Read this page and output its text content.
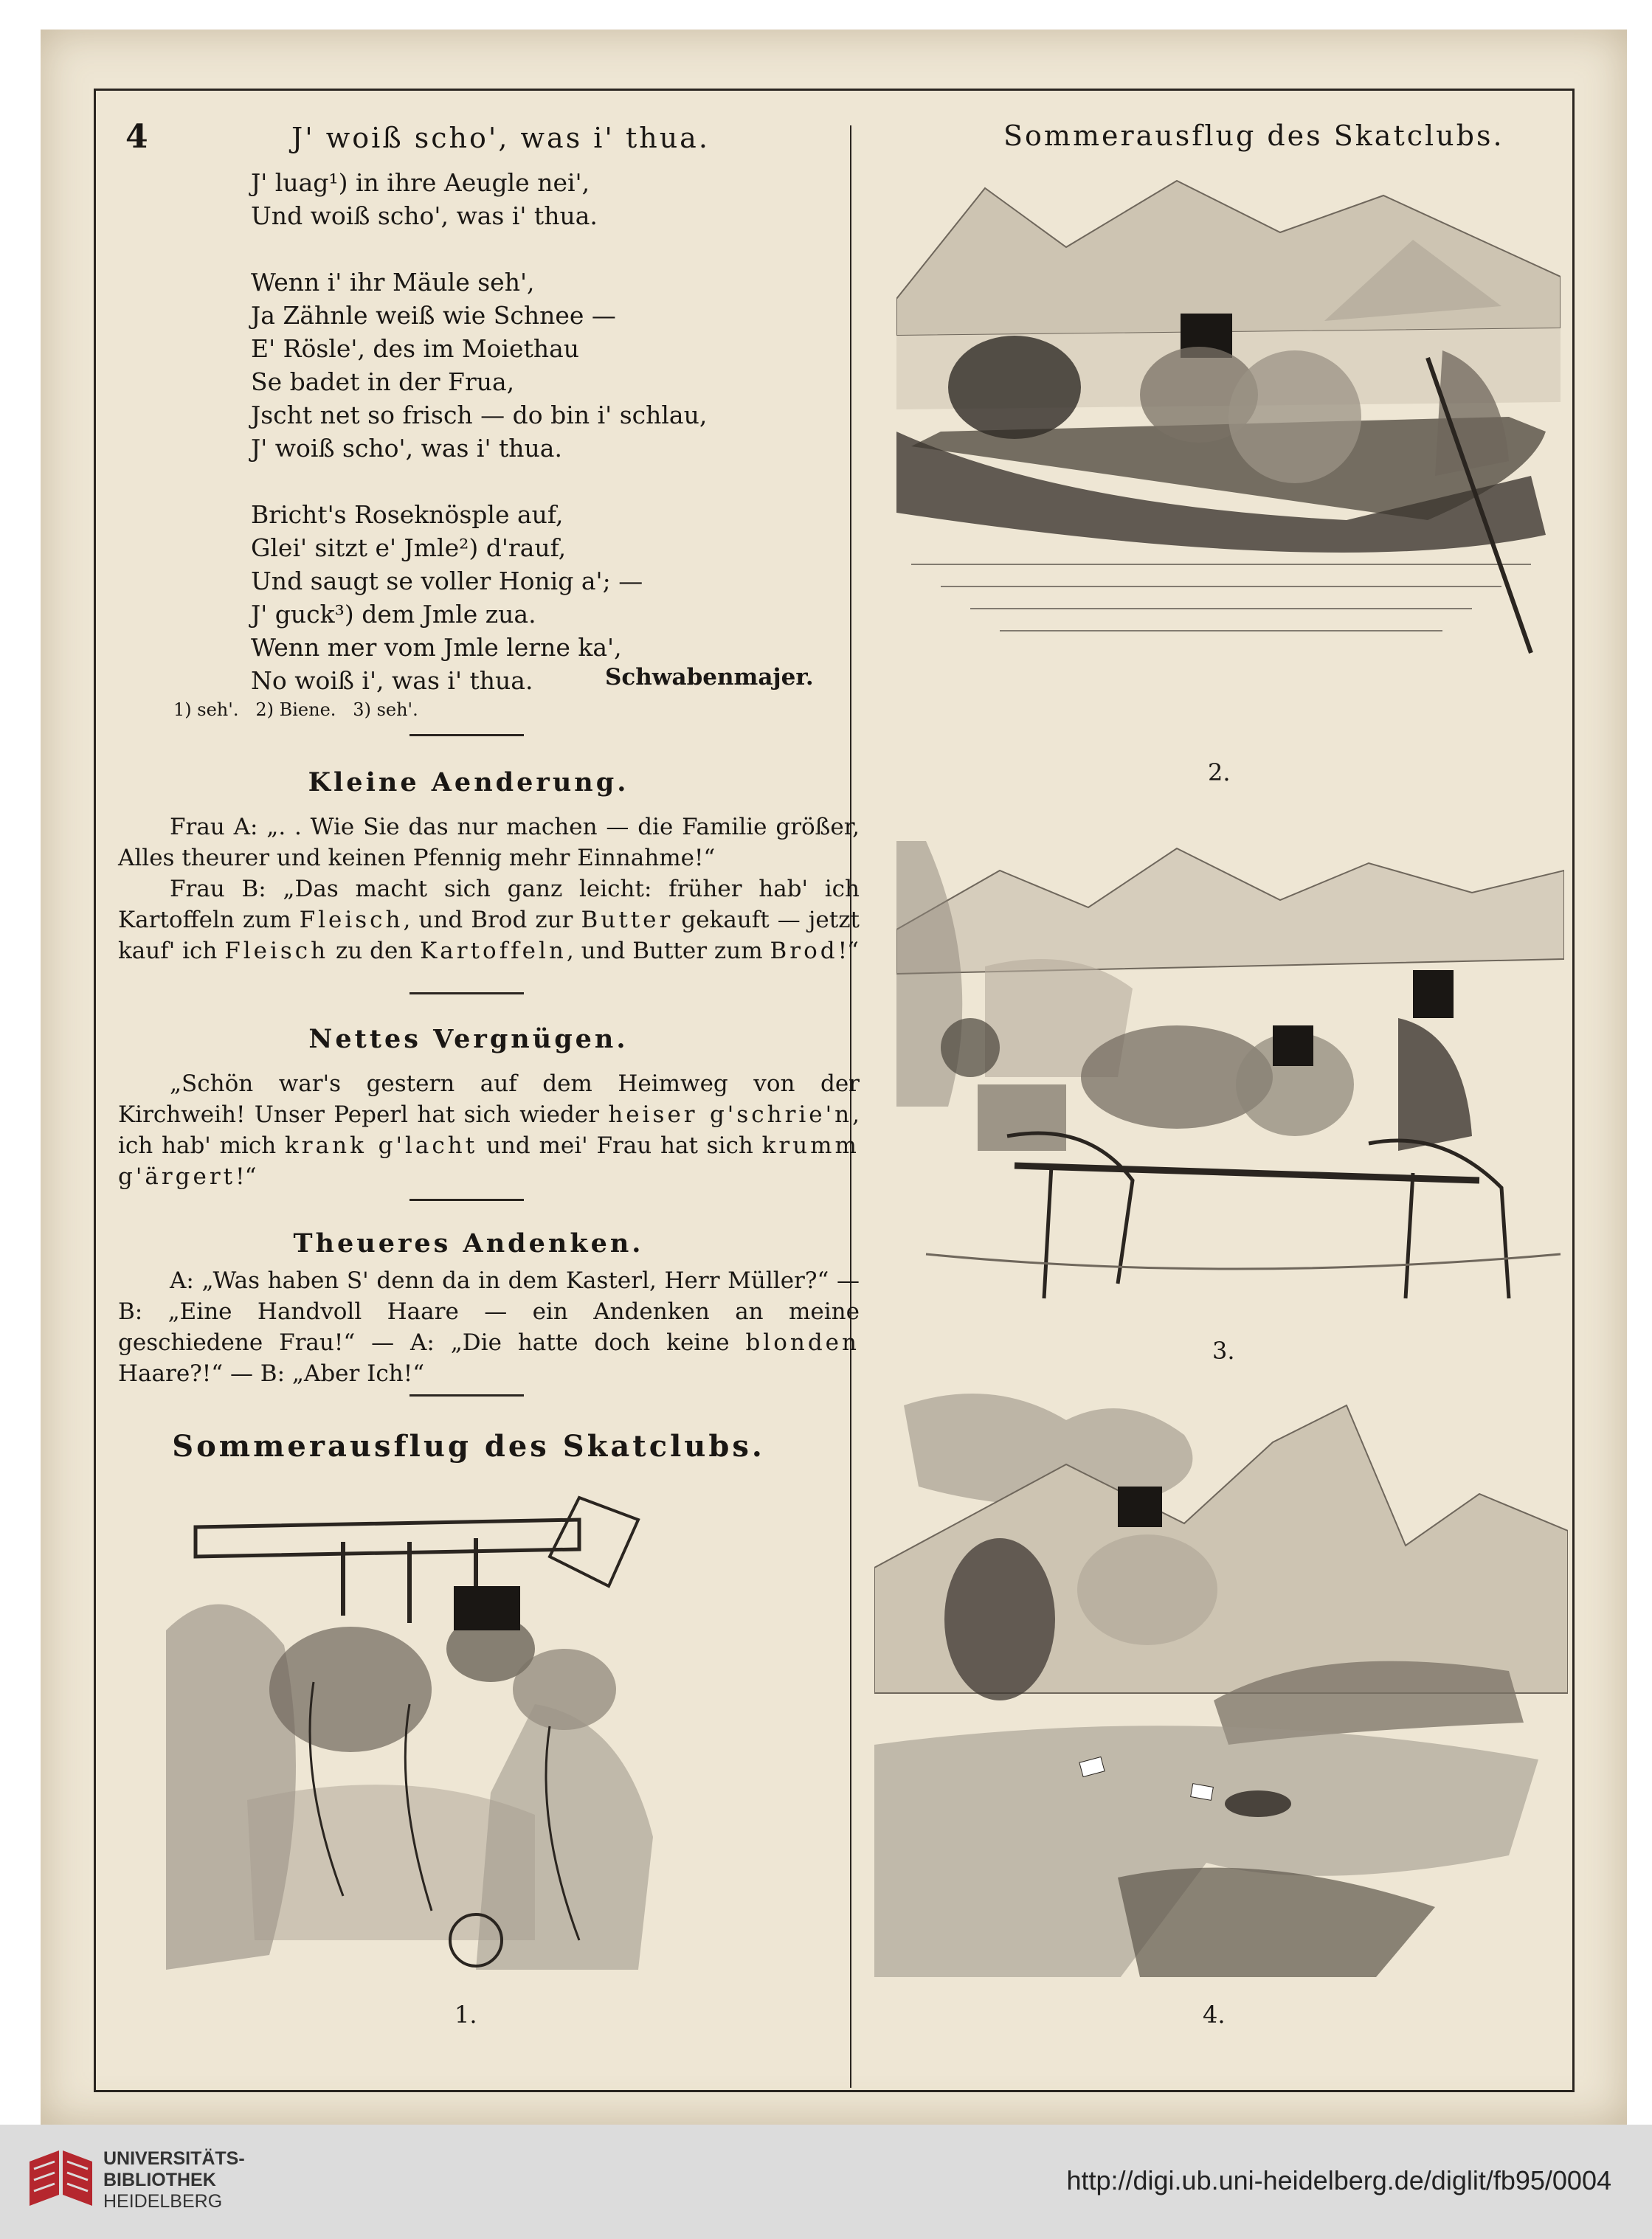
4	J' woiß scho', was i' thua.

J' luag¹) in ihre Aeugle nei',
Und woiß scho', was i' thua.
Wenn i' ihr Mäule seh',
Ja Zähnle weiß wie Schnee —
E' Rösle', des im Moiethau
Se badet in der Frua,
Jscht net so frisch — do bin i' schlau,
J' woiß scho', was i' thua.
Bricht's Roseknösple auf,
Glei' sitzt e' Jmle²) d'rauf,
Und saugt se voller Honig a'; —
J' guck³) dem Jmle zua.
Wenn mer vom Jmle lerne ka',
No woiß i', was i' thua.	Schwabenmajer.

1) seh'.   2) Biene.   3) seh'.

Kleine Aenderung.

Frau A: „. . Wie Sie das nur machen — die Familie größer, Alles theurer und keinen Pfennig mehr Einnahme!“
Frau B: „Das macht sich ganz leicht: früher hab' ich Kartoffeln zum Fleisch, und Brod zur Butter gekauft — jetzt kauf' ich Fleisch zu den Kartoffeln, und Butter zum Brod!“

Nettes Vergnügen.

„Schön war's gestern auf dem Heimweg von der Kirchweih! Unser Peperl hat sich wieder heiser g'schrie'n, ich hab' mich krank g'lacht und mei' Frau hat sich krumm g'ärgert!“

Theueres Andenken.

A: „Was haben S' denn da in dem Kasterl, Herr Müller?“ — B: „Eine Handvoll Haare — ein Andenken an meine geschiedene Frau!“ — A: „Die hatte doch keine blonden Haare?!“ — B: „Aber Ich!“

Sommerausflug des Skatclubs.

1.

Sommerausflug des Skatclubs.

2.

3.

4.

UNIVERSITÄTS-
BIBLIOTHEK
HEIDELBERG

http://digi.ub.uni-heidelberg.de/diglit/fb95/0004
